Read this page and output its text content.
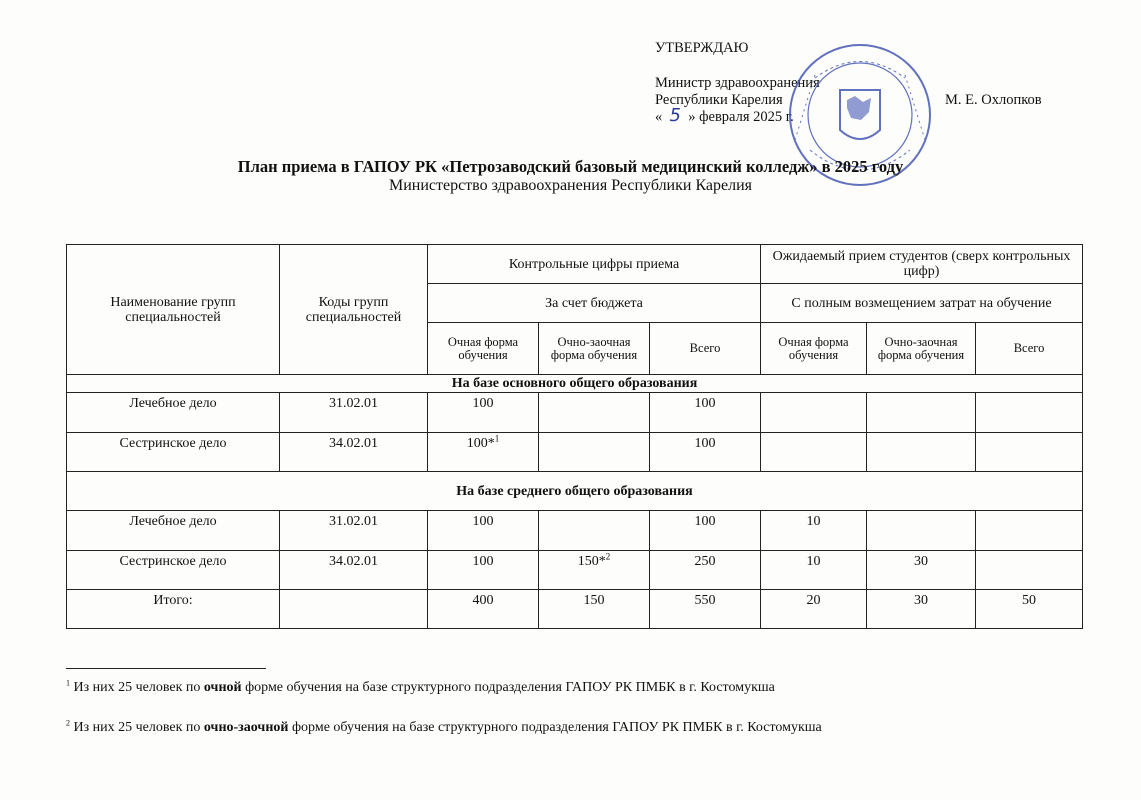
УТВЕРЖДАЮ
Министр здравоохранения
Республики Карелия	М. Е. Охлопков
« 5 » февраля 2025 г.
План приема в ГАПОУ РК «Петрозаводский базовый медицинский колледж» в 2025 году
Министерство здравоохранения Республики Карелия
Наименование групп специальностей	Коды групп специальностей	Контрольные цифры приема			Ожидаемый прием студентов (сверх контрольных цифр)		
		За счет бюджета			С полным возмещением затрат на обучение		
		Очная форма обучения	Очно-заочная форма обучения	Всего	Очная форма обучения	Очно-заочная форма обучения	Всего
На базе основного общего образования							
Лечебное дело	31.02.01	100		100			
Сестринское дело	34.02.01	100*$^1$		100			
На базе среднего общего образования							
Лечебное дело	31.02.01	100		100	10		
Сестринское дело	34.02.01	100	150*$^2$	250	10	30	
Итого:		400	150	550	20	30	50
$^1$ Из них 25 человек по очной форме обучения на базе структурного подразделения ГАПОУ РК ПМБК в г. Костомукша
$^2$ Из них 25 человек по очно-заочной форме обучения на базе структурного подразделения ГАПОУ РК ПМБК в г. Костомукша
